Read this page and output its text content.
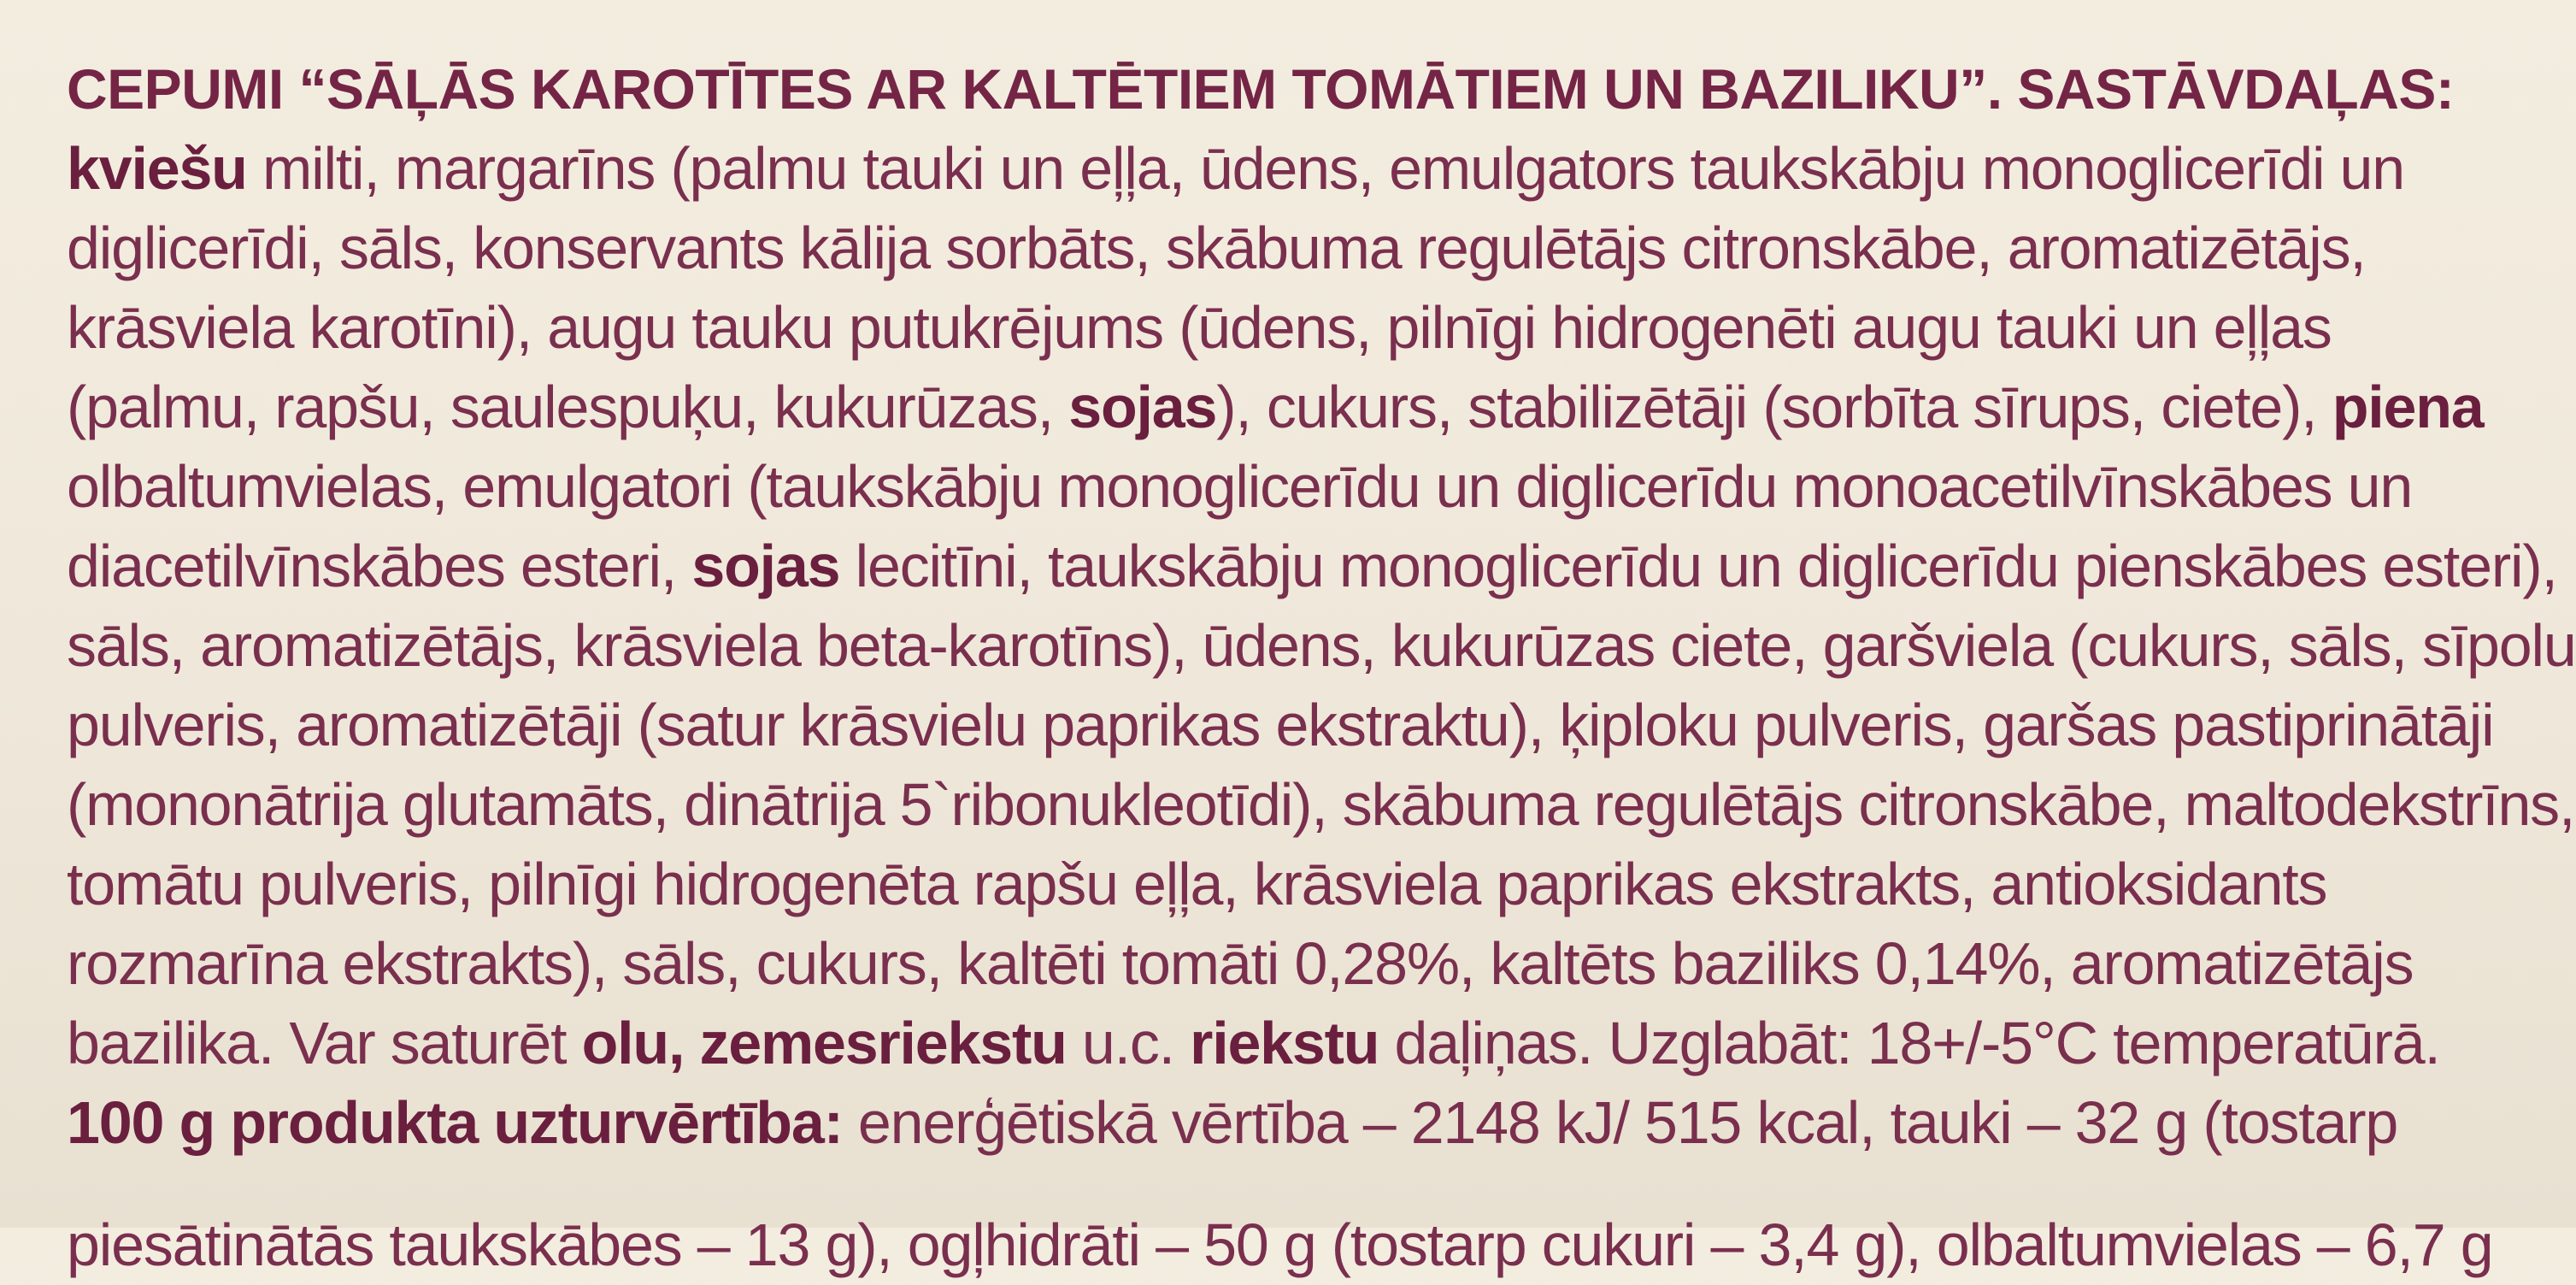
CEPUMI “SĀĻĀS KAROTĪTES AR KALTĒTIEM TOMĀTIEM UN BAZILIKU”. SASTĀVDAĻAS:
kviešu milti, margarīns (palmu tauki un eļļa, ūdens, emulgators taukskābju monoglicerīdi un
diglicerīdi, sāls, konservants kālija sorbāts, skābuma regulētājs citronskābe, aromatizētājs,
krāsviela karotīni), augu tauku putukrējums (ūdens, pilnīgi hidrogenēti augu tauki un eļļas
(palmu, rapšu, saulespuķu, kukurūzas, sojas), cukurs, stabilizētāji (sorbīta sīrups, ciete), piena
olbaltumvielas, emulgatori (taukskābju monoglicerīdu un diglicerīdu monoacetilvīnskābes un
diacetilvīnskābes esteri, sojas lecitīni, taukskābju monoglicerīdu un diglicerīdu pienskābes esteri),
sāls, aromatizētājs, krāsviela beta-karotīns), ūdens, kukurūzas ciete, garšviela (cukurs, sāls, sīpolu
pulveris, aromatizētāji (satur krāsvielu paprikas ekstraktu), ķiploku pulveris, garšas pastiprinātāji
(mononātrija glutamāts, dinātrija 5`ribonukleotīdi), skābuma regulētājs citronskābe, maltodekstrīns,
tomātu pulveris, pilnīgi hidrogenēta rapšu eļļa, krāsviela paprikas ekstrakts, antioksidants
rozmarīna ekstrakts), sāls, cukurs, kaltēti tomāti 0,28%, kaltēts baziliks 0,14%, aromatizētājs
bazilika. Var saturēt olu, zemesriekstu u.c. riekstu daļiņas. Uzglabāt: 18+/-5°C temperatūrā.
100 g produkta uzturvērtība: enerģētiskā vērtība – 2148 kJ/ 515 kcal, tauki – 32 g (tostarp
piesātinātās taukskābes – 13 g), ogļhidrāti – 50 g (tostarp cukuri – 3,4 g), olbaltumvielas – 6,7 g
